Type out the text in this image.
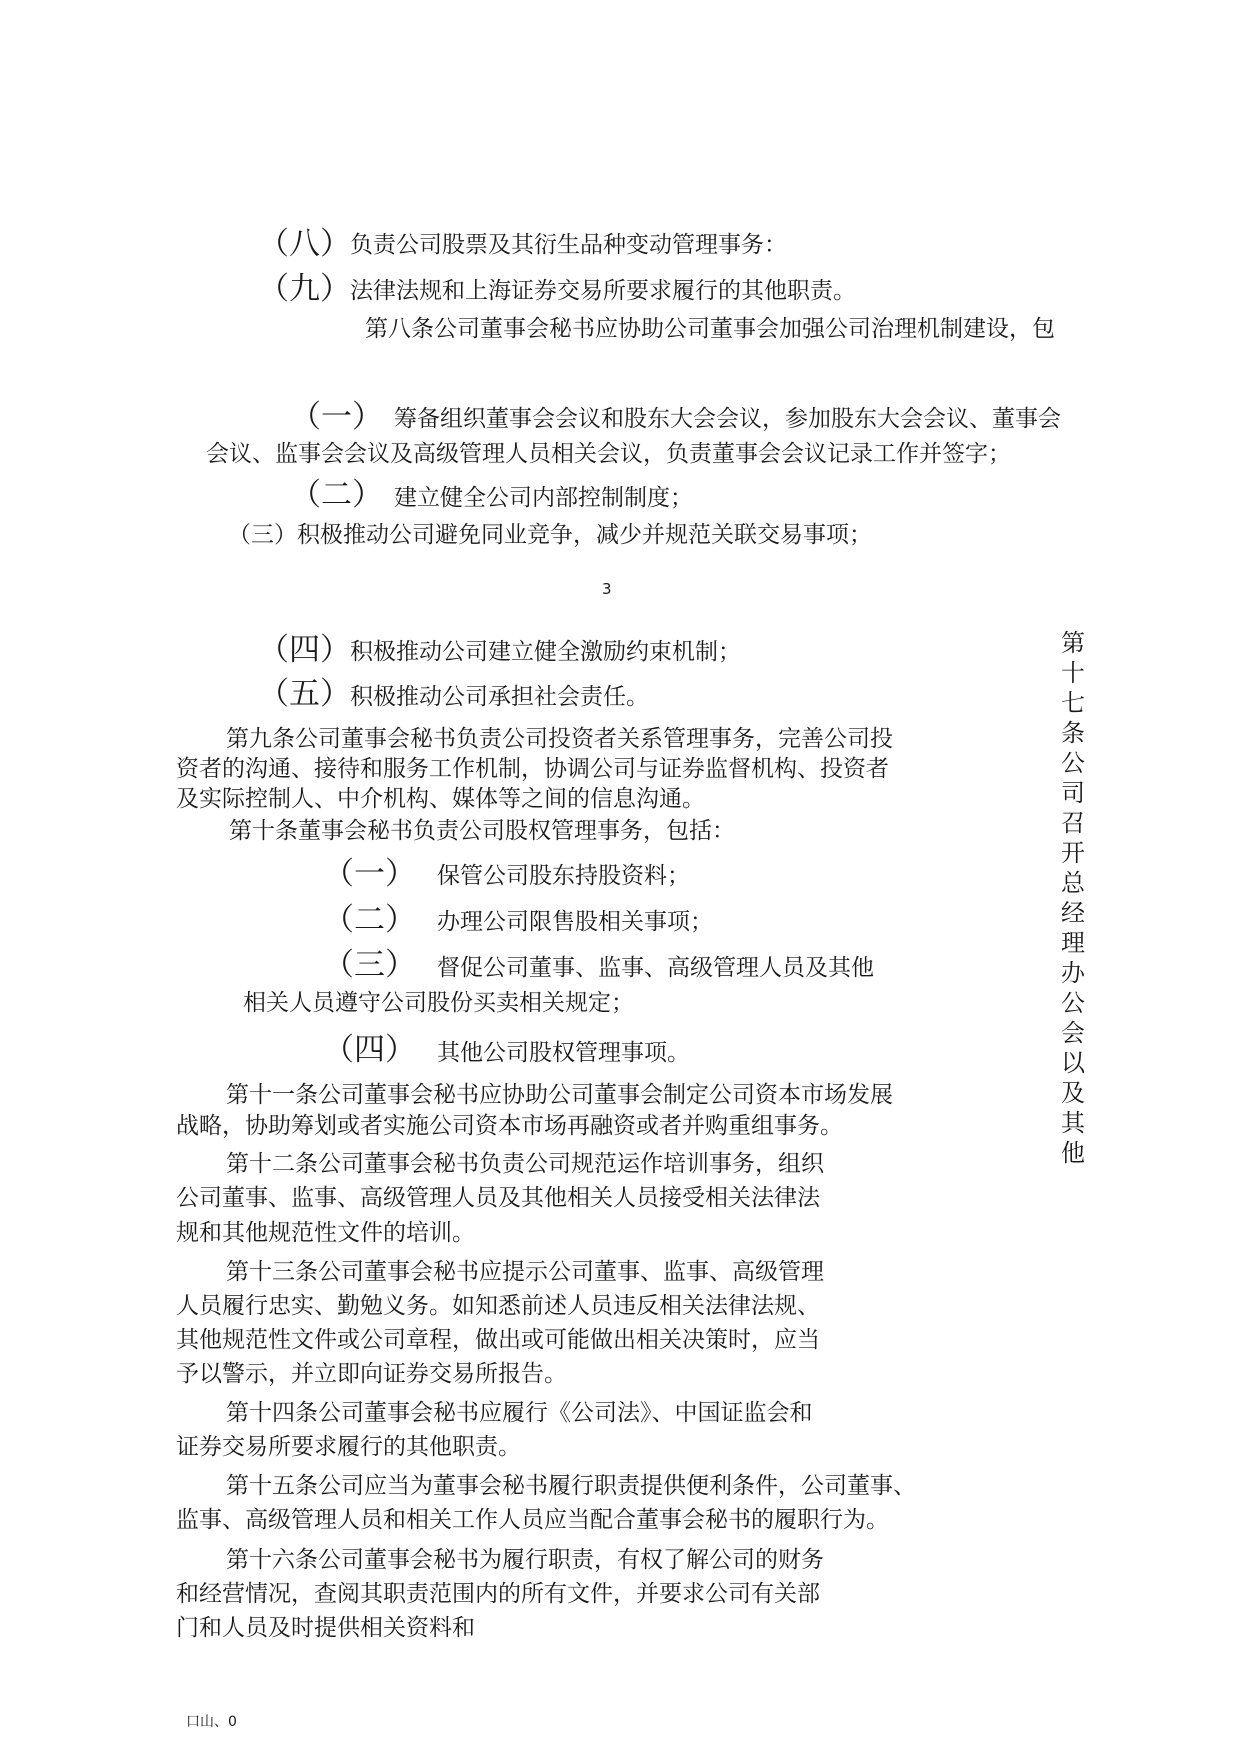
（八） 负责公司股票及其衍生品种变动管理事务：
（九） 法律法规和上海证券交易所要求履行的其他职责。
第八条公司董事会秘书应协助公司董事会加强公司治理机制建设，包
（一） 筹备组织董事会会议和股东大会会议，参加股东大会会议、董事会
会议、监事会会议及高级管理人员相关会议，负责董事会会议记录工作并签字；
（二） 建立健全公司内部控制制度；
（三）积极推动公司避免同业竞争，减少并规范关联交易事项；
3
（四） 积极推动公司建立健全激励约束机制；
（五） 积极推动公司承担社会责任。
第九条公司董事会秘书负责公司投资者关系管理事务，完善公司投
资者的沟通、接待和服务工作机制，协调公司与证券监督机构、投资者
及实际控制人、中介机构、媒体等之间的信息沟通。
第十条董事会秘书负责公司股权管理事务，包括：
（一） 保管公司股东持股资料；
（二） 办理公司限售股相关事项；
（三） 督促公司董事、监事、高级管理人员及其他
相关人员遵守公司股份买卖相关规定；
（四） 其他公司股权管理事项。
第十一条公司董事会秘书应协助公司董事会制定公司资本市场发展
战略，协助筹划或者实施公司资本市场再融资或者并购重组事务。
第十二条公司董事会秘书负责公司规范运作培训事务，组织
公司董事、监事、高级管理人员及其他相关人员接受相关法律法
规和其他规范性文件的培训。
第十三条公司董事会秘书应提示公司董事、监事、高级管理
人员履行忠实、勤勉义务。如知悉前述人员违反相关法律法规、
其他规范性文件或公司章程，做出或可能做出相关决策时，应当
予以警示，并立即向证券交易所报告。
第十四条公司董事会秘书应履行《公司法》、中国证监会和
证券交易所要求履行的其他职责。
第十五条公司应当为董事会秘书履行职责提供便利条件，公司董事、
监事、高级管理人员和相关工作人员应当配合董事会秘书的履职行为。
第十六条公司董事会秘书为履行职责，有权了解公司的财务
和经营情况，查阅其职责范围内的所有文件，并要求公司有关部
门和人员及时提供相关资料和
第十七条公司召开总经理办公会以及其他
口山、0
